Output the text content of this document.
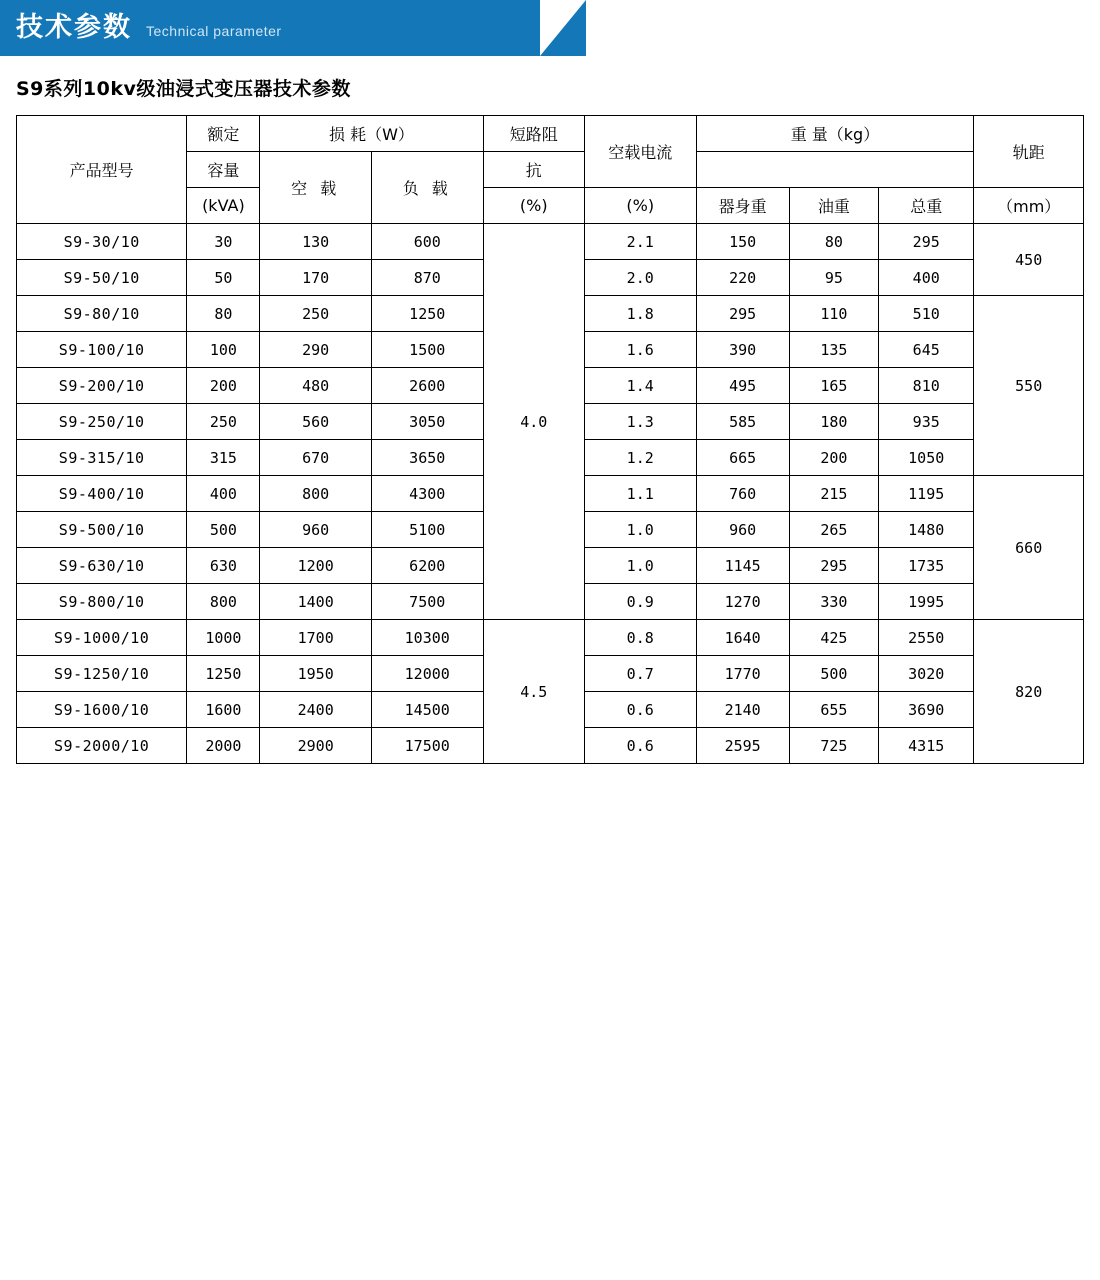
技术参数 Technical parameter
S9系列10kv级油浸式变压器技术参数
产品型号	额定	损 耗（W）		短路阻	空载电流	重 量（kg）			轨距
	容量	空 载	负 载	抗					
	(kVA)			(%)	(%)	器身重	油重	总重	（mm）
S9-30/10	30	130	600	4.0	2.1	150	80	295	450
S9-50/10	50	170	870		2.0	220	95	400	
S9-80/10	80	250	1250		1.8	295	110	510	550
S9-100/10	100	290	1500		1.6	390	135	645	
S9-200/10	200	480	2600		1.4	495	165	810	
S9-250/10	250	560	3050		1.3	585	180	935	
S9-315/10	315	670	3650		1.2	665	200	1050	
S9-400/10	400	800	4300		1.1	760	215	1195	660
S9-500/10	500	960	5100		1.0	960	265	1480	
S9-630/10	630	1200	6200		1.0	1145	295	1735	
S9-800/10	800	1400	7500		0.9	1270	330	1995	
S9-1000/10	1000	1700	10300	4.5	0.8	1640	425	2550	820
S9-1250/10	1250	1950	12000		0.7	1770	500	3020	
S9-1600/10	1600	2400	14500		0.6	2140	655	3690	
S9-2000/10	2000	2900	17500		0.6	2595	725	4315	
